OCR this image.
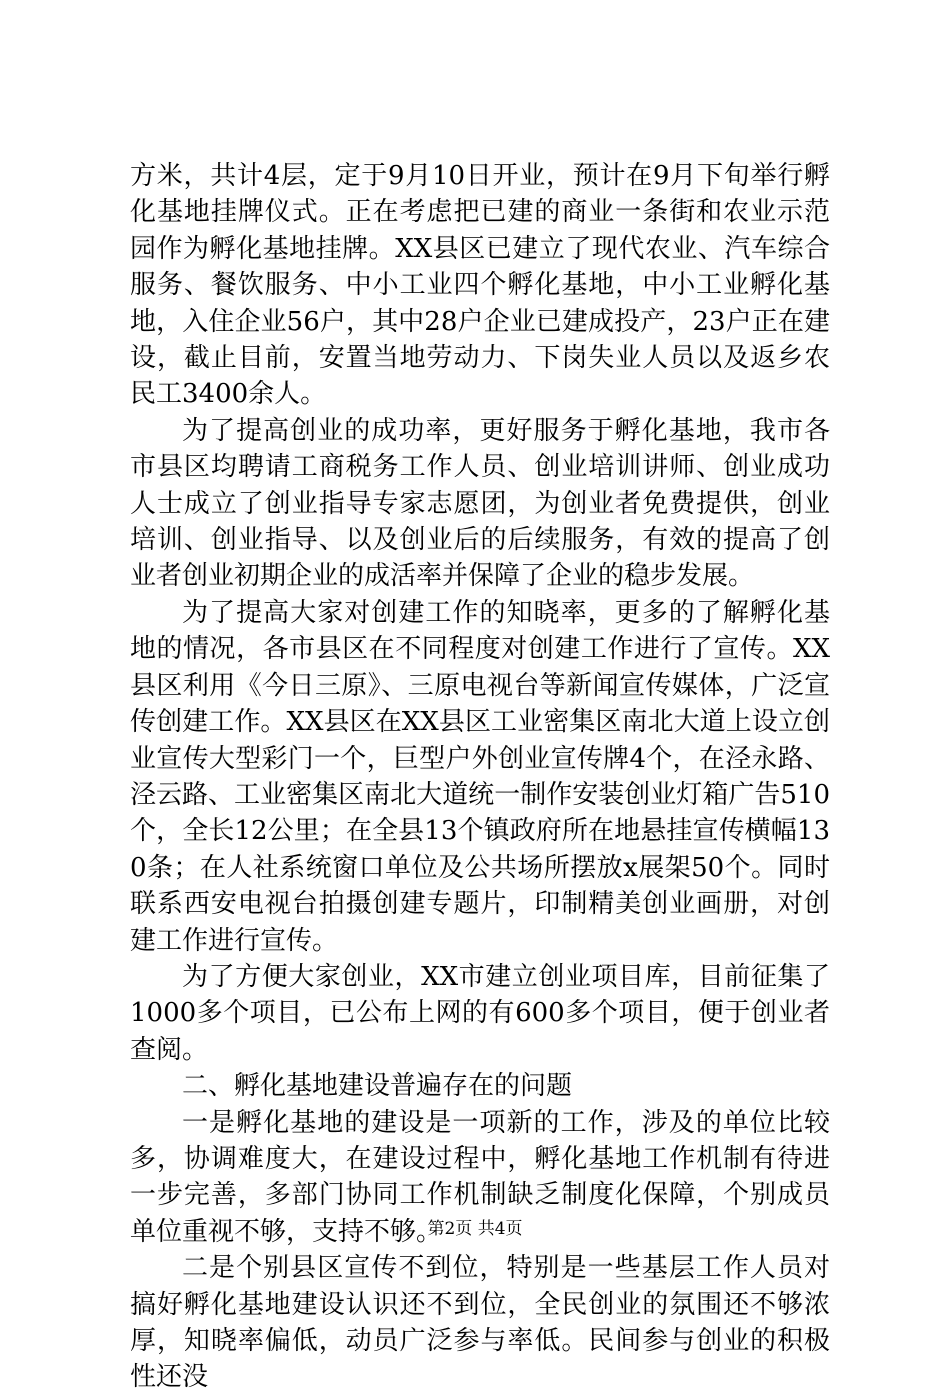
方米，共计4层，定于9月10日开业，预计在9月下旬举行孵化基地挂牌仪式。正在考虑把已建的商业一条街和农业示范园作为孵化基地挂牌。XX县区已建立了现代农业、汽车综合服务、餐饮服务、中小工业四个孵化基地，中小工业孵化基地，入住企业56户，其中28户企业已建成投产，23户正在建设，截止目前，安置当地劳动力、下岗失业人员以及返乡农民工3400余人。

为了提高创业的成功率，更好服务于孵化基地，我市各市县区均聘请工商税务工作人员、创业培训讲师、创业成功人士成立了创业指导专家志愿团，为创业者免费提供，创业培训、创业指导、以及创业后的后续服务，有效的提高了创业者创业初期企业的成活率并保障了企业的稳步发展。

为了提高大家对创建工作的知晓率，更多的了解孵化基地的情况，各市县区在不同程度对创建工作进行了宣传。XX县区利用《今日三原》、三原电视台等新闻宣传媒体，广泛宣传创建工作。XX县区在XX县区工业密集区南北大道上设立创业宣传大型彩门一个，巨型户外创业宣传牌4个，在泾永路、泾云路、工业密集区南北大道统一制作安装创业灯箱广告510个，全长12公里；在全县13个镇政府所在地悬挂宣传横幅130条；在人社系统窗口单位及公共场所摆放x展架50个。同时联系西安电视台拍摄创建专题片，印制精美创业画册，对创建工作进行宣传。

为了方便大家创业，XX市建立创业项目库，目前征集了1000多个项目，已公布上网的有600多个项目，便于创业者查阅。

二、孵化基地建设普遍存在的问题

一是孵化基地的建设是一项新的工作，涉及的单位比较多，协调难度大，在建设过程中，孵化基地工作机制有待进一步完善，多部门协同工作机制缺乏制度化保障，个别成员单位重视不够，支持不够。

二是个别县区宣传不到位，特别是一些基层工作人员对搞好孵化基地建设认识还不到位，全民创业的氛围还不够浓厚，知晓率偏低，动员广泛参与率低。民间参与创业的积极性还没

第2页 共4页
